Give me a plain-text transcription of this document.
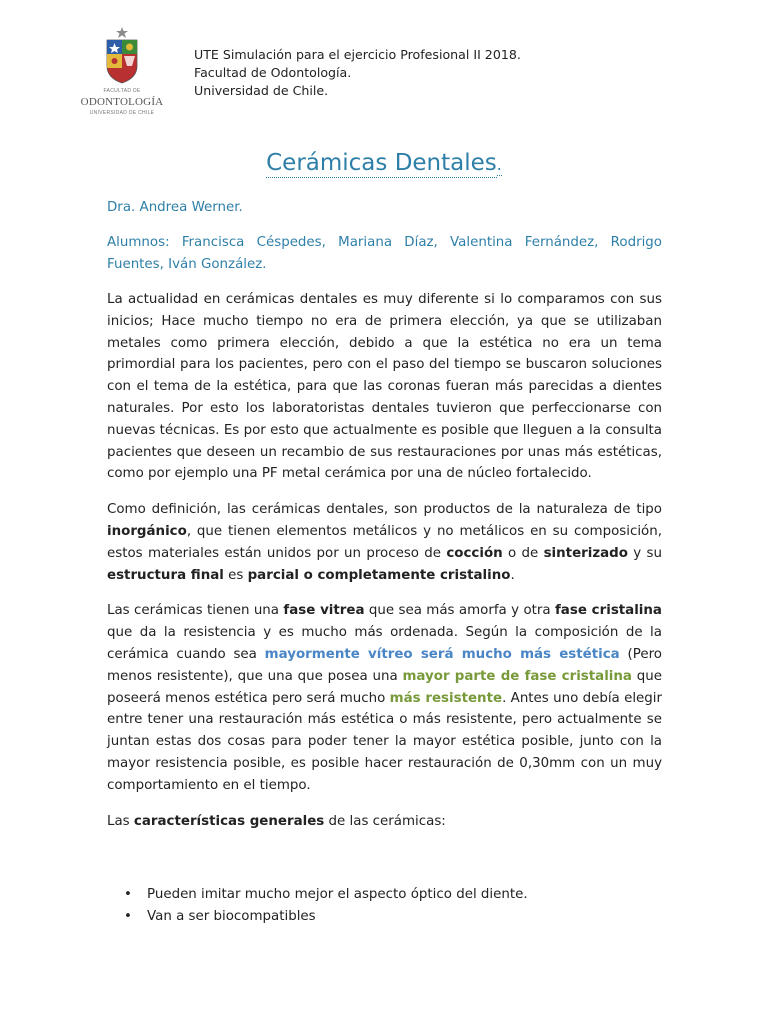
FACULTAD DE
ODONTOLOGÍA
UNIVERSIDAD DE CHILE
UTE Simulación para el ejercicio Profesional II 2018.
Facultad de Odontología.
Universidad de Chile.
Cerámicas Dentales.
Dra. Andrea Werner.
Alumnos: Francisca Céspedes, Mariana Díaz, Valentina Fernández, Rodrigo Fuentes, Iván González.

La actualidad en cerámicas dentales es muy diferente si lo comparamos con sus inicios; Hace mucho tiempo no era de primera elección, ya que se utilizaban metales como primera elección, debido a que la estética no era un tema primordial para los pacientes, pero con el paso del tiempo se buscaron soluciones con el tema de la estética, para que las coronas fueran más parecidas a dientes naturales. Por esto los laboratoristas dentales tuvieron que perfeccionarse con nuevas técnicas. Es por esto que actualmente es posible que lleguen a la consulta pacientes que deseen un recambio de sus restauraciones por unas más estéticas, como por ejemplo una PF metal cerámica por una de núcleo fortalecido.

Como definición, las cerámicas dentales, son productos de la naturaleza de tipo inorgánico, que tienen elementos metálicos y no metálicos en su composición, estos materiales están unidos por un proceso de cocción o de sinterizado y su estructura final es parcial o completamente cristalino.

Las cerámicas tienen una fase vitrea que sea más amorfa y otra fase cristalina que da la resistencia y es mucho más ordenada. Según la composición de la cerámica cuando sea mayormente vítreo será mucho más estética (Pero menos resistente), que una que posea una mayor parte de fase cristalina que poseerá menos estética pero será mucho más resistente. Antes uno debía elegir entre tener una restauración más estética o más resistente, pero actualmente se juntan estas dos cosas para poder tener la mayor estética posible, junto con la mayor resistencia posible, es posible hacer restauración de 0,30mm con un muy comportamiento en el tiempo.

Las características generales de las cerámicas:

• Pueden imitar mucho mejor el aspecto óptico del diente.
• Van a ser biocompatibles
